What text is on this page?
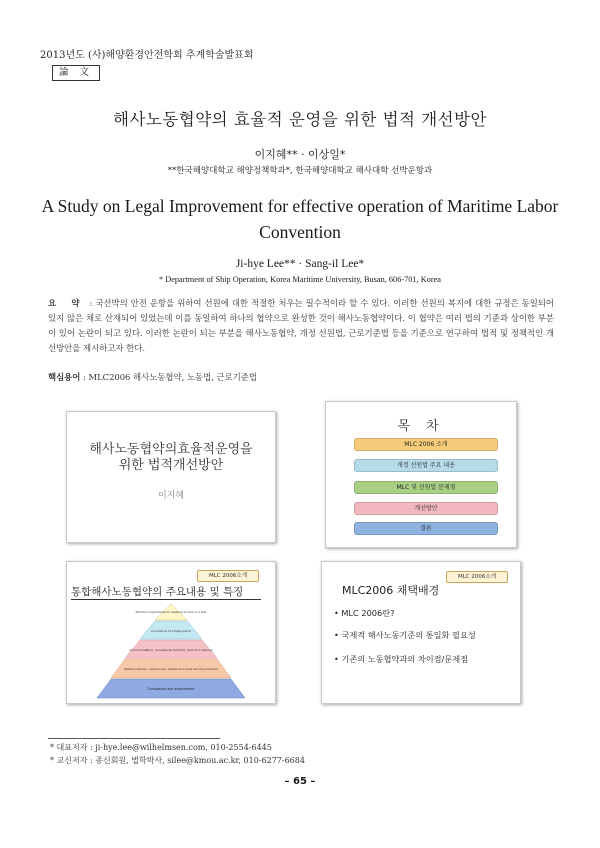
2013년도 (사)해양환경안전학회 추계학술발표회
論 文
해사노동협약의 효율적 운영을 위한 법적 개선방안
이지혜** · 이상일*
**한국해양대학교 해양정책학과*, 한국해양대학교 해사대학 선박운항과
A Study on Legal Improvement for effective operation of Maritime Labor Convention
Ji-hye Lee** · Sang-il Lee*
* Department of Ship Operation, Korea Maritime University, Busan, 606-701, Korea
요 약 : 국선박의 안전 운항을 위하여 선원에 대한 적절한 처우는 필수적이라 할 수 있다. 이러한 선원의 복지에 대한 규정은 동일되어 있지 않은 채로 산재되어 있었는데 이를 동일하여 하나의 협약으로 완성한 것이 해사노동협약이다. 이 협약은 여러 법의 기준과 상이한 부분이 있어 논란이 되고 있다. 이러한 논란이 되는 부분을 해사노동협약, 개정 선원법, 근로기준법 등을 기준으로 연구하여 법적 및 정책적인 개선방안을 제시하고자 한다.
핵심용어 : MLC2006 해사노동협약, 노동법, 근로기준법
해사노동협약의효율적운영을
위한 법적개선방안
이지혜
목 차
MLC 2006 소개
개정 선원법 주요 내용
MLC 및 선원법 문제점
개선방안
결론
MLC 2006소개
통합해사노동협약의 주요내용 및 특징
Minimum requirements for seafarers to work on a ship
Conditions of employment
Accommodation, recreational facilities, food and catering
Health protection, medical care, welfare and social security protection
Compliance and enforcement
MLC 2006소개
MLC2006 채택배경
• MLC 2006란?
• 국제적 해사노동기준의 통일화 필요성
• 기존의 노동협약과의 차이점/문제점
* 대표저자 : ji-hye.lee@wilhelmsen.com, 010-2554-6445
* 교신저자 : 종신회원, 법학박사, silee@kmou.ac.kr, 010-6277-6684
– 65 –
